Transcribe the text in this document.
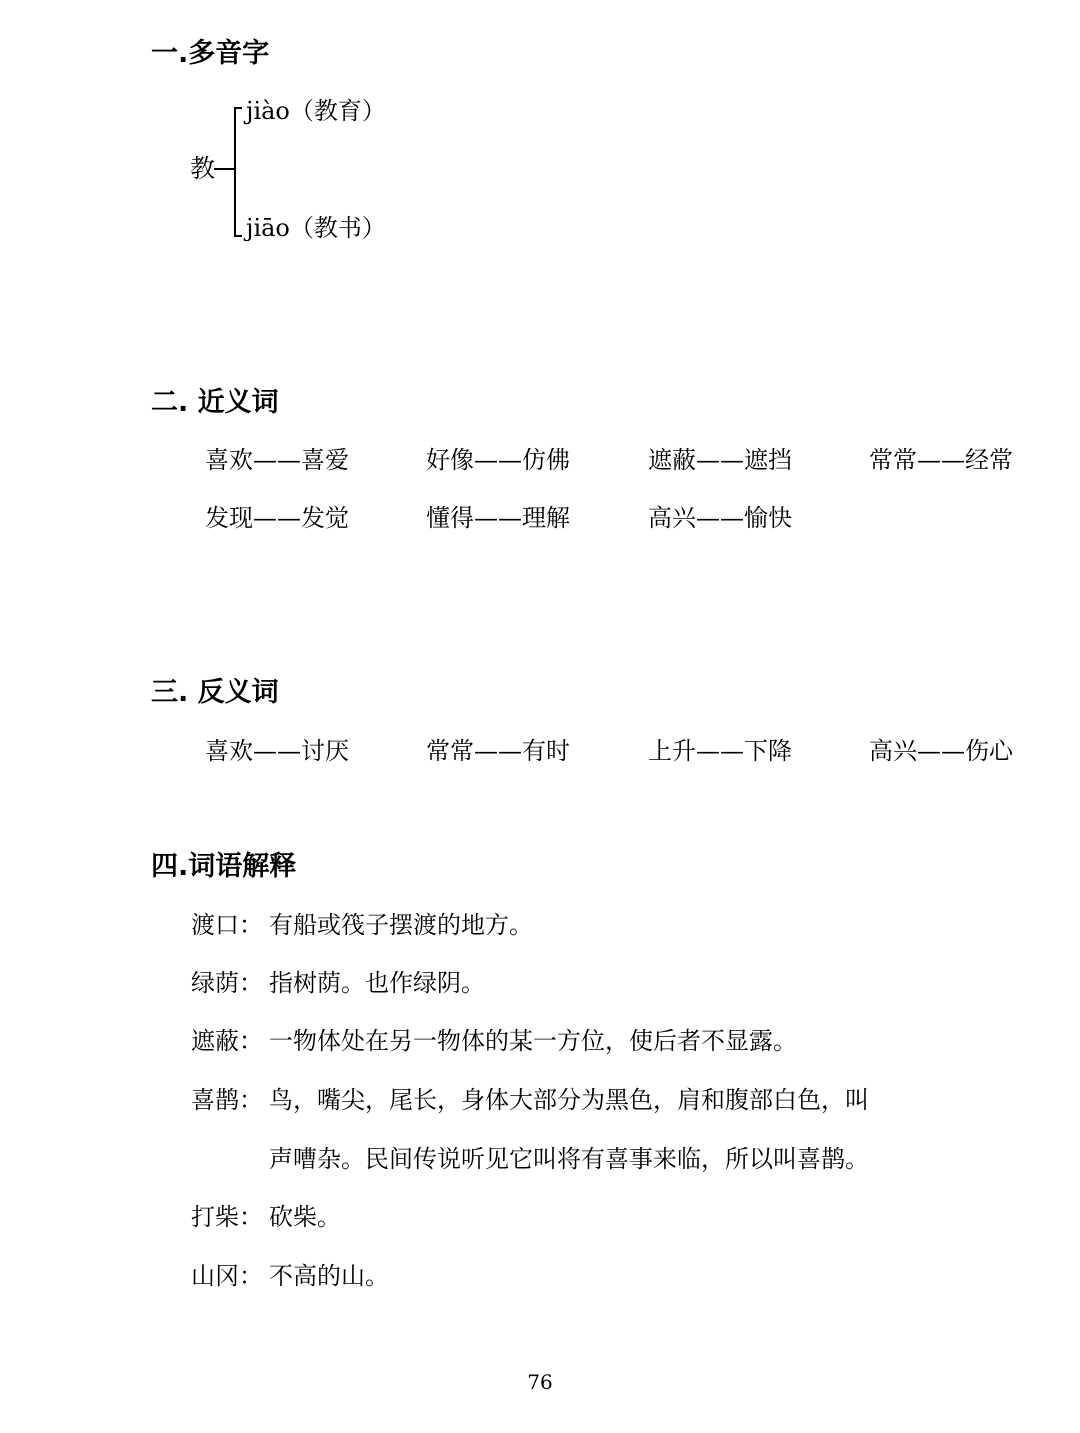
一.多音字
教
jiào（教育）
jiāo（教书）
二. 近义词
喜欢——喜爱	好像——仿佛	遮蔽——遮挡	常常——经常
发现——发觉	懂得——理解	高兴——愉快
三. 反义词
喜欢——讨厌	常常——有时	上升——下降	高兴——伤心
四.词语解释
渡口： 有船或筏子摆渡的地方。
绿荫： 指树荫。也作绿阴。
遮蔽： 一物体处在另一物体的某一方位，使后者不显露。
喜鹊： 鸟，嘴尖，尾长，身体大部分为黑色，肩和腹部白色，叫
声嘈杂。民间传说听见它叫将有喜事来临，所以叫喜鹊。
打柴： 砍柴。
山冈： 不高的山。
76
